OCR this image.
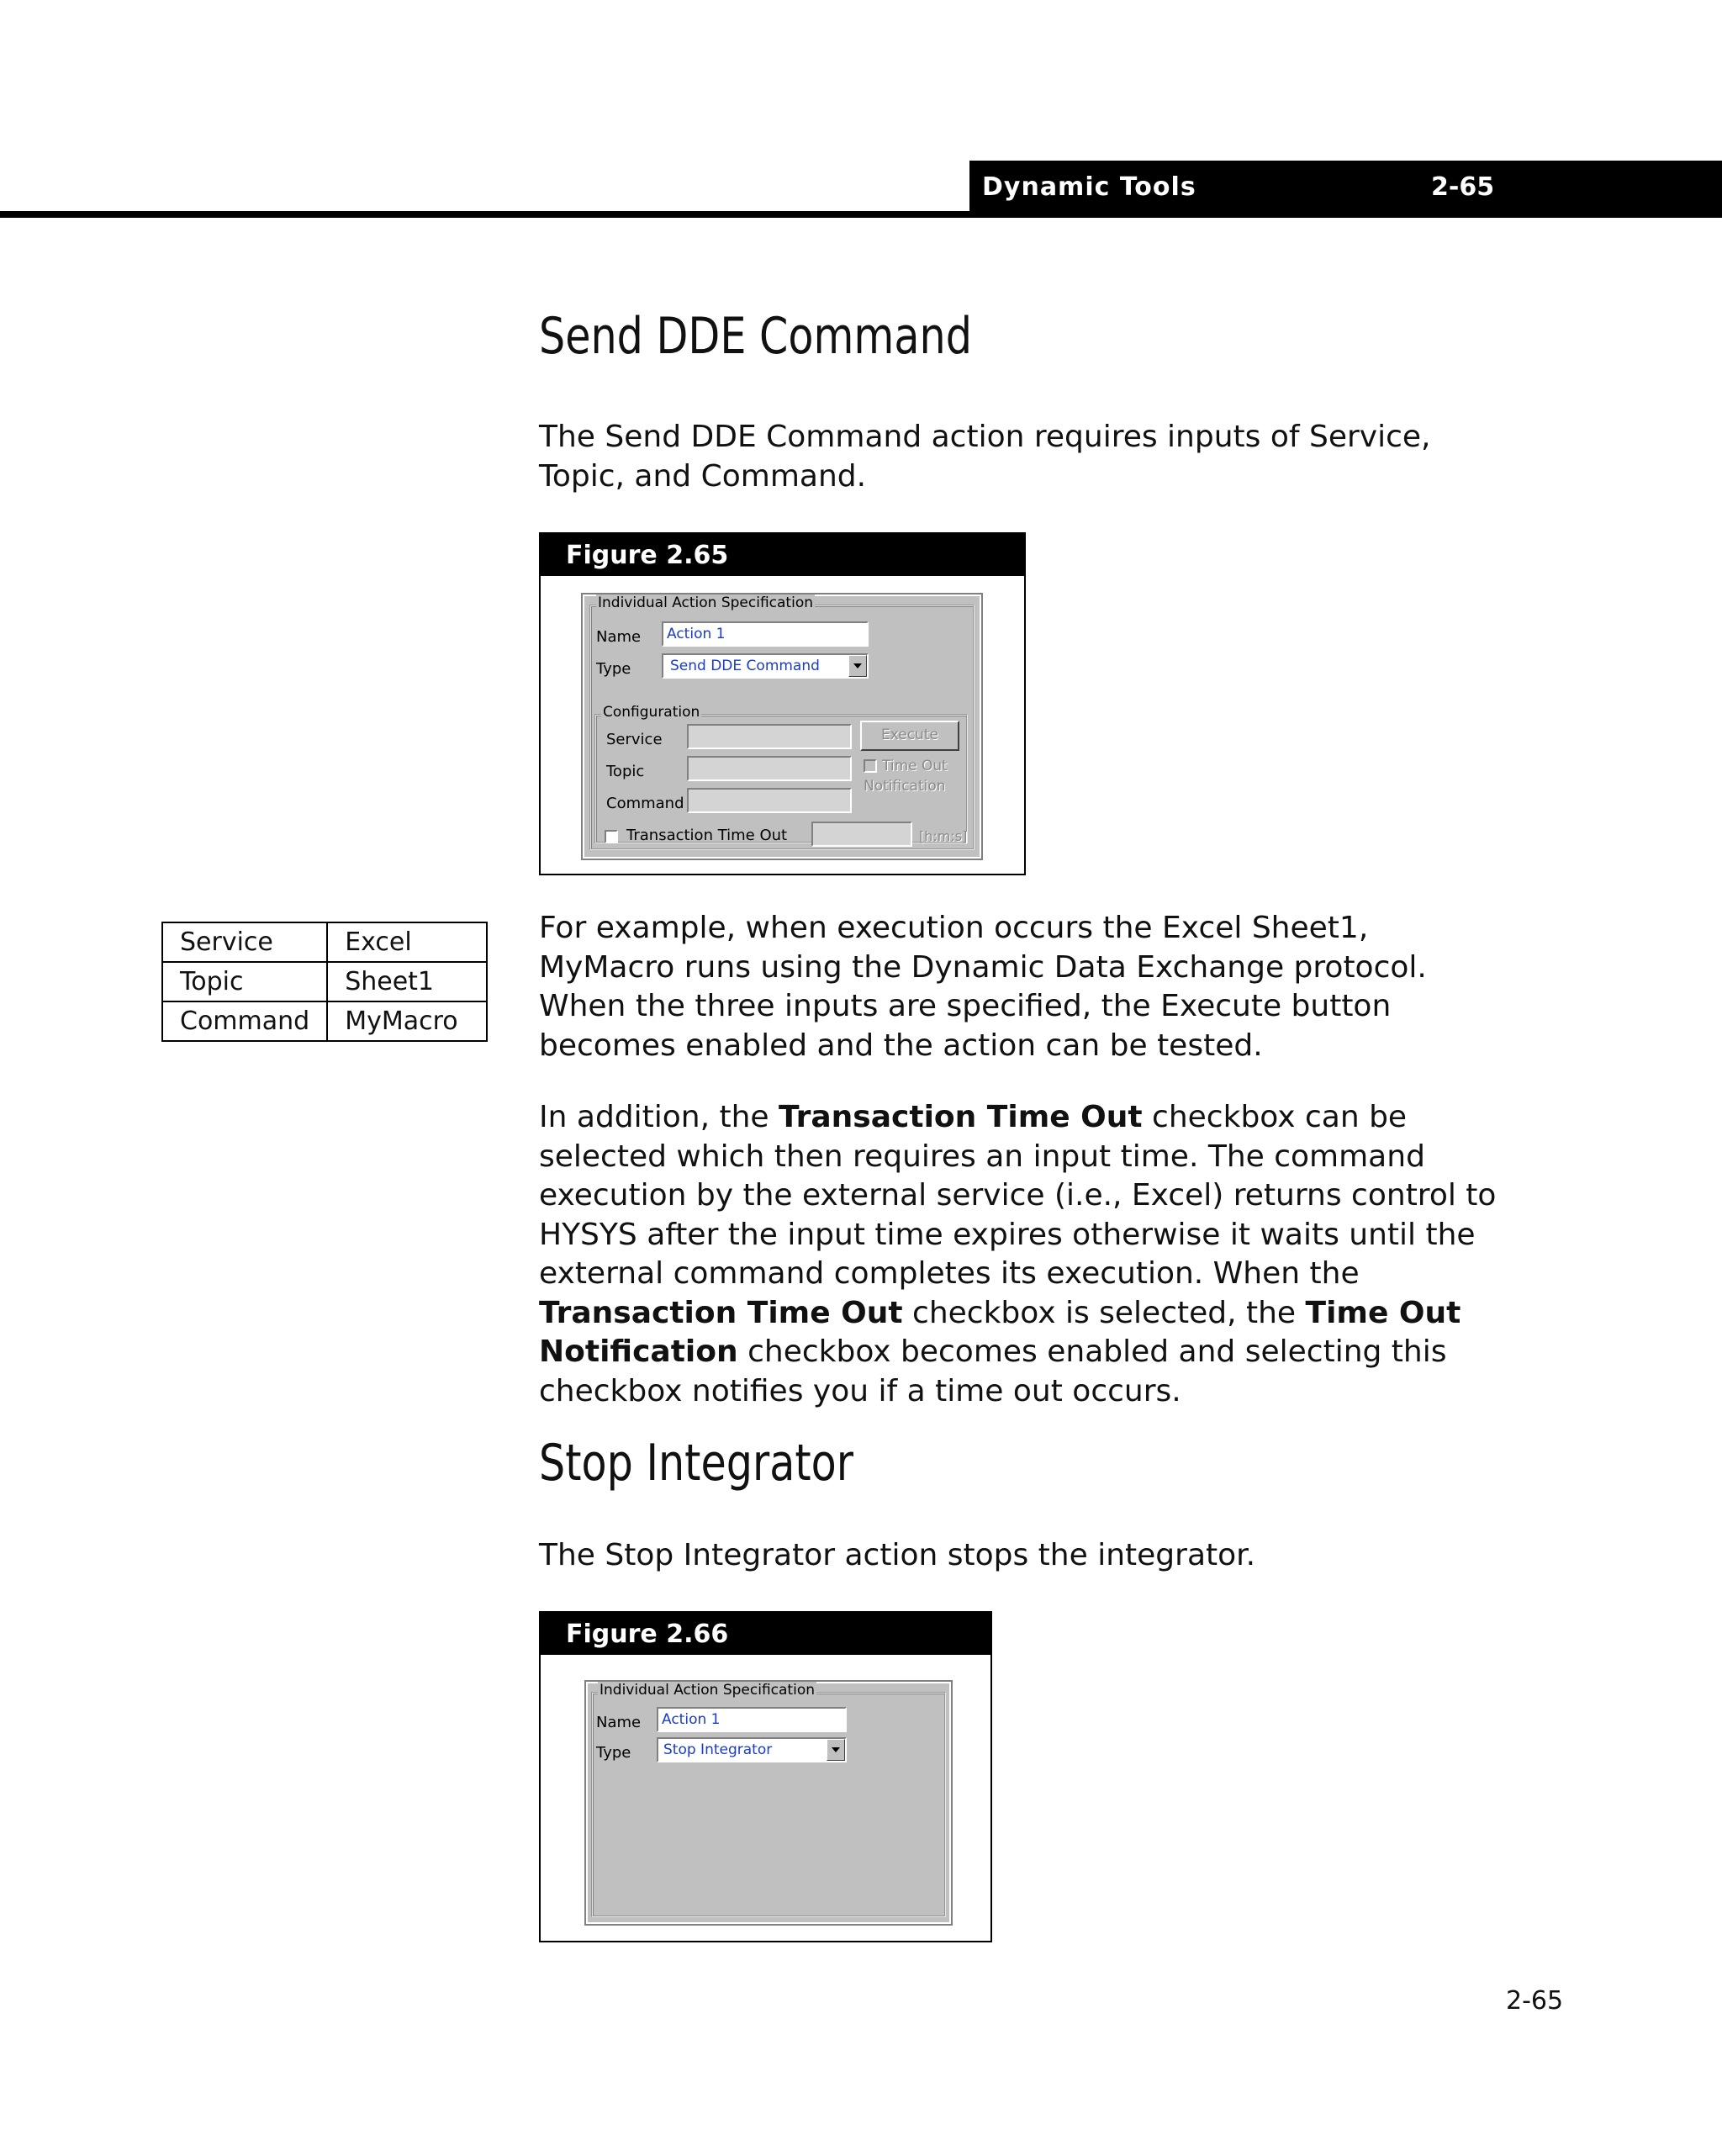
Dynamic Tools	2-65
Send DDE Command

The Send DDE Command action requires inputs of Service, Topic, and Command.

Figure 2.65
Individual Action Specification
Name Action 1
Type	Send DDE Command
Configuration
Service
Topic
Command
Execute
Time Out
Notification
Transaction Time Out	[h:m:s]
Service	Excel
Topic	Sheet1
Command	MyMacro

For example, when execution occurs the Excel Sheet1, MyMacro runs using the Dynamic Data Exchange protocol. When the three inputs are specified, the Execute button becomes enabled and the action can be tested.

In addition, the Transaction Time Out checkbox can be selected which then requires an input time. The command execution by the external service (i.e., Excel) returns control to HYSYS after the input time expires otherwise it waits until the external command completes its execution. When the Transaction Time Out checkbox is selected, the Time Out Notification checkbox becomes enabled and selecting this checkbox notifies you if a time out occurs.

Stop Integrator

The Stop Integrator action stops the integrator.

Figure 2.66
Individual Action Specification
Name Action 1
Type Stop Integrator
2-65
